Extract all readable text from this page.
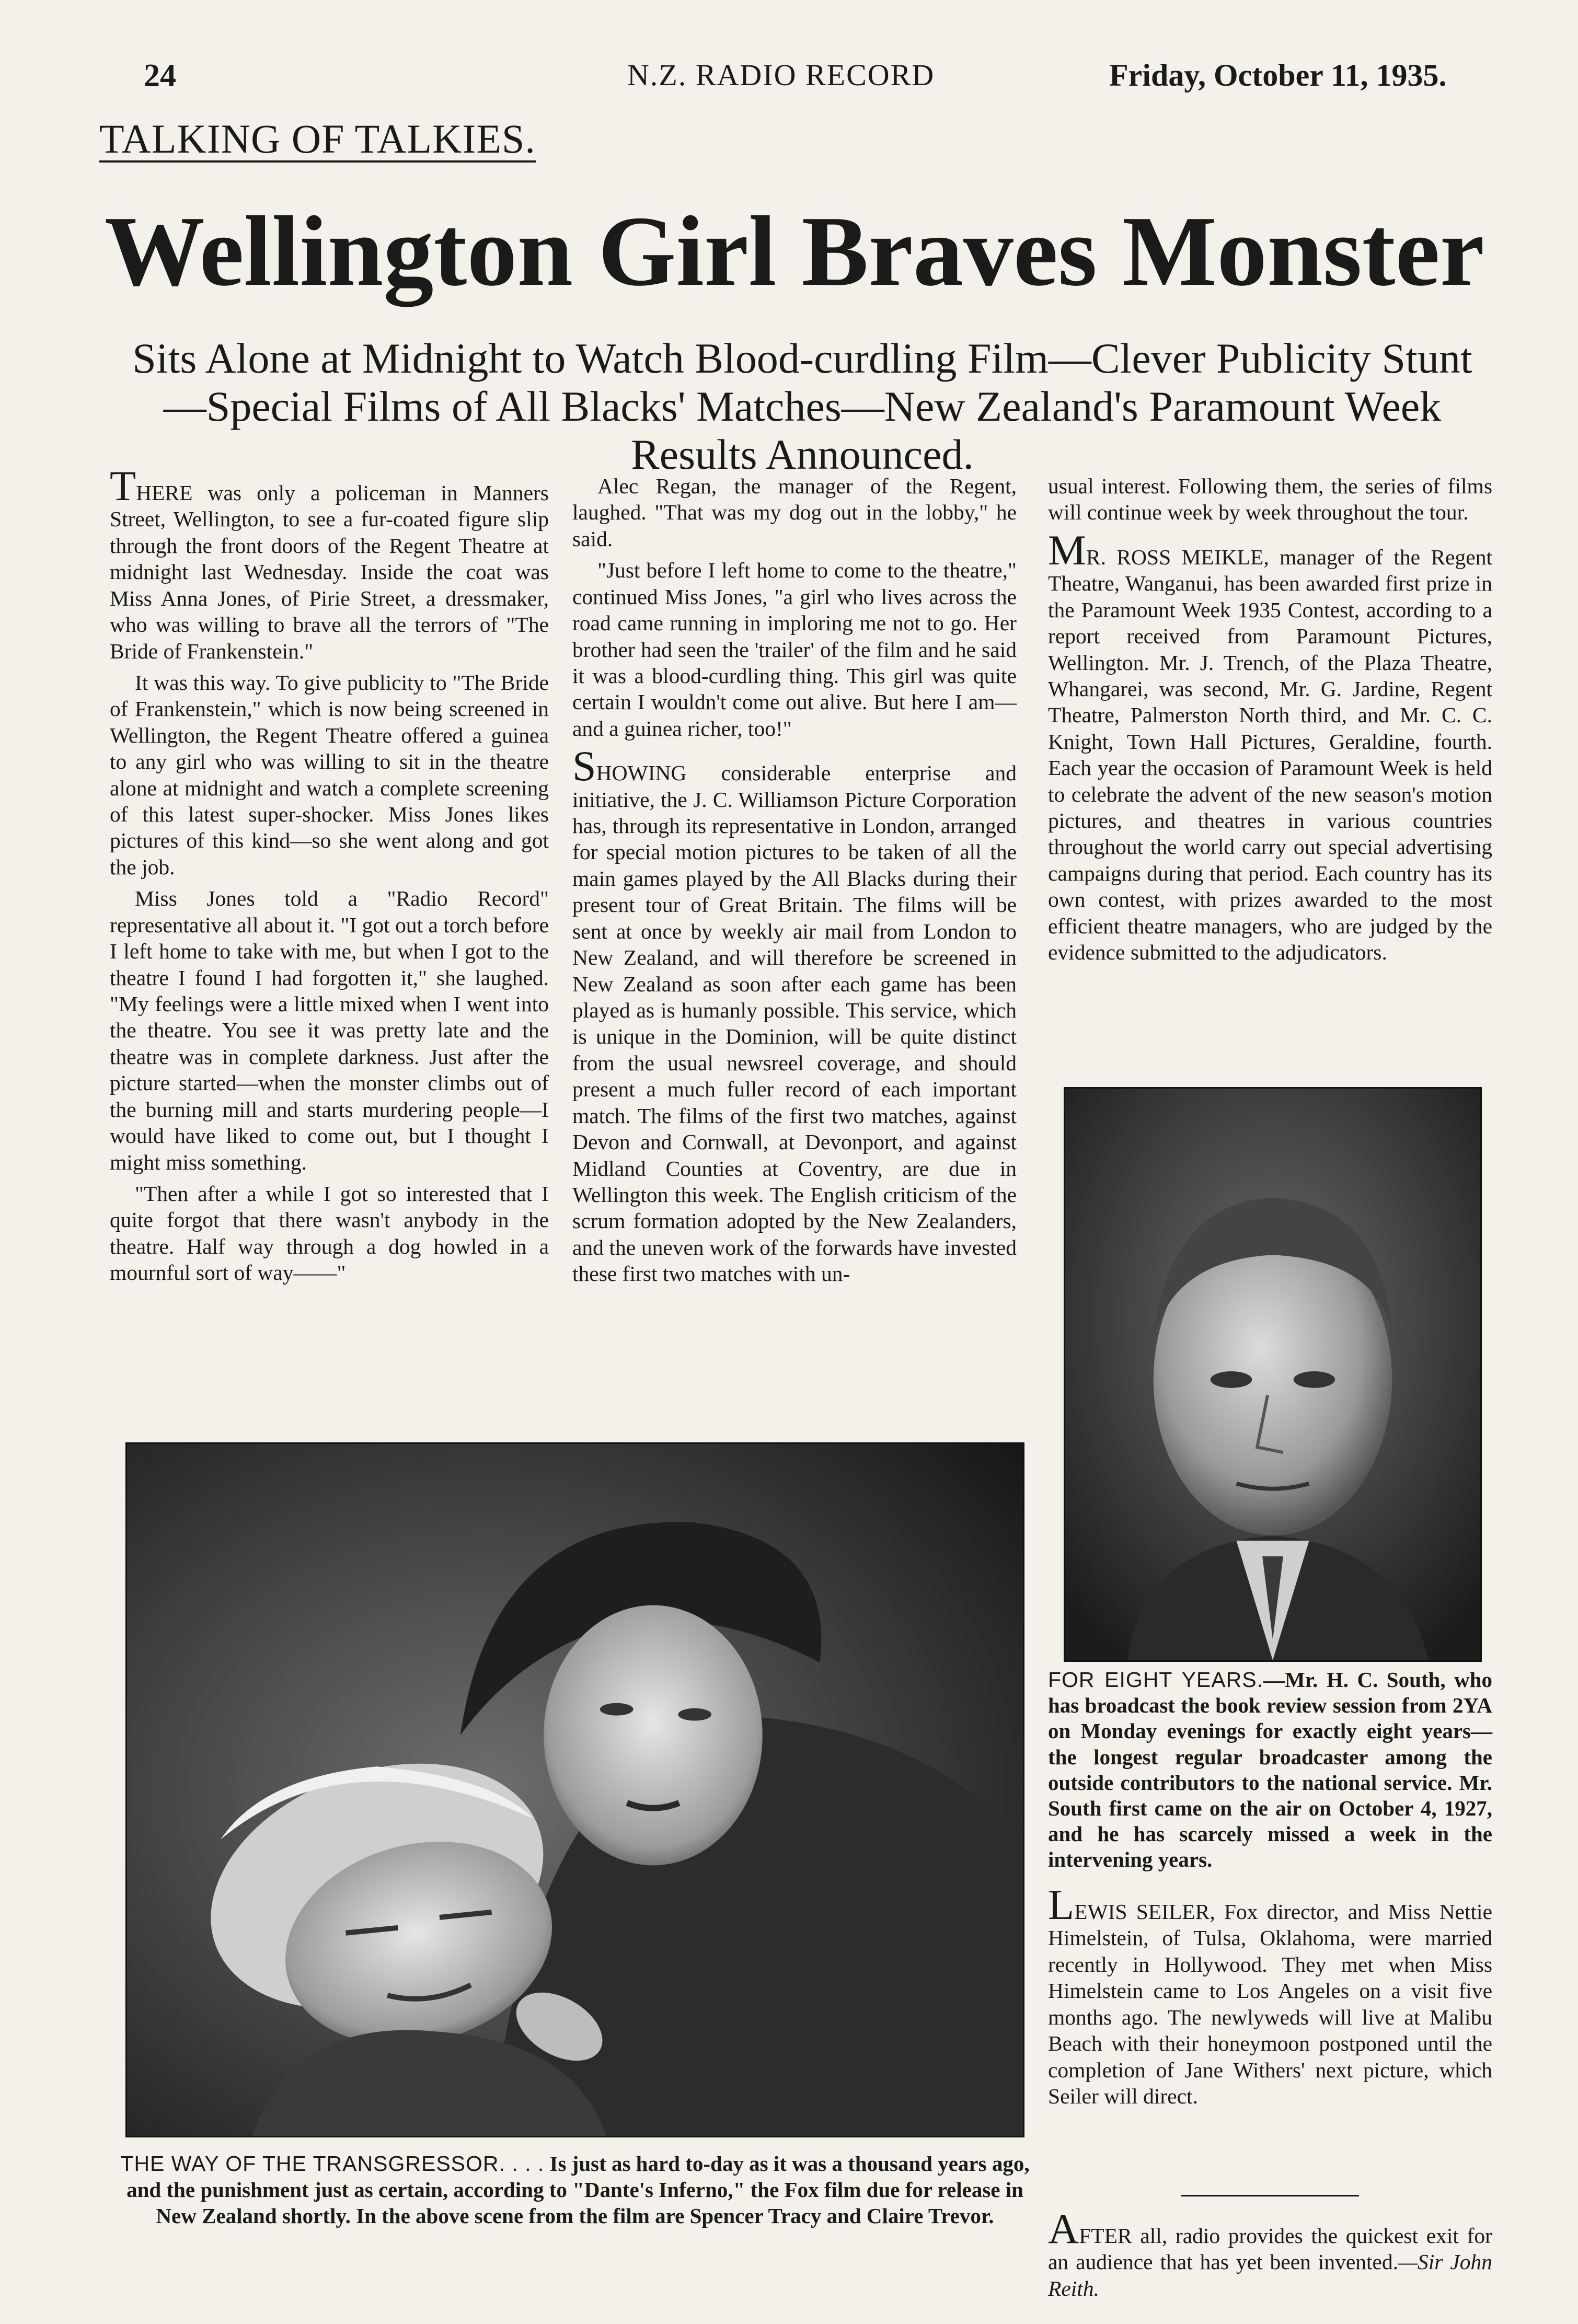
24	N.Z. RADIO RECORD	Friday, October 11, 1935.
TALKING OF TALKIES.
Wellington Girl Braves Monster
Sits Alone at Midnight to Watch Blood-curdling Film—Clever Publicity Stunt—Special Films of All Blacks' Matches—New Zealand's Paramount Week Results Announced.

THERE was only a policeman in Manners Street, Wellington, to see a fur-coated figure slip through the front doors of the Regent Theatre at midnight last Wednesday. Inside the coat was Miss Anna Jones, of Pirie Street, a dressmaker, who was willing to brave all the terrors of "The Bride of Frankenstein."

It was this way. To give publicity to "The Bride of Frankenstein," which is now being screened in Wellington, the Regent Theatre offered a guinea to any girl who was willing to sit in the theatre alone at midnight and watch a complete screening of this latest super-shocker. Miss Jones likes pictures of this kind—so she went along and got the job.

Miss Jones told a "Radio Record" representative all about it. "I got out a torch before I left home to take with me, but when I got to the theatre I found I had forgotten it," she laughed. "My feelings were a little mixed when I went into the theatre. You see it was pretty late and the theatre was in complete darkness. Just after the picture started—when the monster climbs out of the burning mill and starts murdering people—I would have liked to come out, but I thought I might miss something.

"Then after a while I got so interested that I quite forgot that there wasn't anybody in the theatre. Half way through a dog howled in a mournful sort of way——"

Alec Regan, the manager of the Regent, laughed. "That was my dog out in the lobby," he said.

"Just before I left home to come to the theatre," continued Miss Jones, "a girl who lives across the road came running in imploring me not to go. Her brother had seen the 'trailer' of the film and he said it was a blood-curdling thing. This girl was quite certain I wouldn't come out alive. But here I am—and a guinea richer, too!"

SHOWING considerable enterprise and initiative, the J. C. Williamson Picture Corporation has, through its representative in London, arranged for special motion pictures to be taken of all the main games played by the All Blacks during their present tour of Great Britain. The films will be sent at once by weekly air mail from London to New Zealand, and will therefore be screened in New Zealand as soon after each game has been played as is humanly possible. This service, which is unique in the Dominion, will be quite distinct from the usual newsreel coverage, and should present a much fuller record of each important match. The films of the first two matches, against Devon and Cornwall, at Devonport, and against Midland Counties at Coventry, are due in Wellington this week. The English criticism of the scrum formation adopted by the New Zealanders, and the uneven work of the forwards have invested these first two matches with un-

usual interest. Following them, the series of films will continue week by week throughout the tour.

MR. ROSS MEIKLE, manager of the Regent Theatre, Wanganui, has been awarded first prize in the Paramount Week 1935 Contest, according to a report received from Paramount Pictures, Wellington. Mr. J. Trench, of the Plaza Theatre, Whangarei, was second, Mr. G. Jardine, Regent Theatre, Palmerston North third, and Mr. C. C. Knight, Town Hall Pictures, Geraldine, fourth. Each year the occasion of Paramount Week is held to celebrate the advent of the new season's motion pictures, and theatres in various countries throughout the world carry out special advertising campaigns during that period. Each country has its own contest, with prizes awarded to the most efficient theatre managers, who are judged by the evidence submitted to the adjudicators.

FOR EIGHT YEARS.—Mr. H. C. South, who has broadcast the book review session from 2YA on Monday evenings for exactly eight years—the longest regular broadcaster among the outside contributors to the national service. Mr. South first came on the air on October 4, 1927, and he has scarcely missed a week in the intervening years.

LEWIS SEILER, Fox director, and Miss Nettie Himelstein, of Tulsa, Oklahoma, were married recently in Hollywood. They met when Miss Himelstein came to Los Angeles on a visit five months ago. The newlyweds will live at Malibu Beach with their honeymoon postponed until the completion of Jane Withers' next picture, which Seiler will direct.

AFTER all, radio provides the quickest exit for an audience that has yet been invented.—Sir John Reith.

THE WAY OF THE TRANSGRESSOR. . . . Is just as hard to-day as it was a thousand years ago, and the punishment just as certain, according to "Dante's Inferno," the Fox film due for release in New Zealand shortly. In the above scene from the film are Spencer Tracy and Claire Trevor.
